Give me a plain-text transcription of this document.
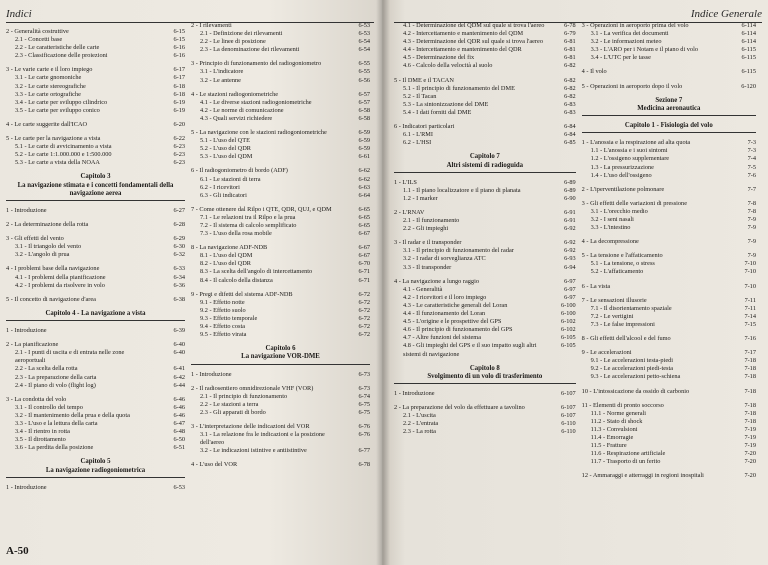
Indici
2 - Generalità costruttive	6-15
2.1 - Concetti base	6-15
2.2 - Le caratteristiche delle carte	6-16
2.3 - Classificazione delle proiezioni	6-16
3 - Le varie carte e il loro impiego	6-17
3.1 - Le carte gnomoniche	6-17
3.2 - Le carte stereografiche	6-18
3.3 - Le carte ortografiche	6-18
3.4 - Le carte per sviluppo cilindrico	6-19
3.5 - Le carte per sviluppo conico	6-19
4 - Le carte suggerite dall'ICAO	6-20
5 - Le carte per la navigazione a vista	6-22
5.1 - Le carte di avvicinamento a vista	6-23
5.2 - Le carte 1:1.000.000 e 1:500.000	6-23
5.3 - Le carte a vista della NOAA	6-23
Capitolo 3
La navigazione stimata e i concetti fondamentali della navigazione aerea
1 - Introduzione	6-27
2 - La determinazione della rotta	6-28
3 - Gli effetti del vento	6-29
3.1 - Il triangolo del vento	6-30
3.2 - L'angolo di prua	6-32
4 - I problemi base della navigazione	6-33
4.1 - I problemi della pianificazione	6-34
4.2 - I problemi da risolvere in volo	6-36
5 - Il concetto di navigazione d'area	6-38
Capitolo 4 - La navigazione a vista
1 - Introduzione	6-39
2 - La pianificazione	6-40
2.1 - I punti di uscita e di entrata nelle zone aeroportuali
6-40
2.2 - La scelta della rotta	6-41
2.3 - La preparazione della carta	6-42
2.4 - Il piano di volo (flight log)	6-44
3 - La condotta del volo	6-46
3.1 - Il controllo del tempo	6-46
3.2 - Il mantenimento della prua e della quota	6-46
3.3 - L'uso e la lettura della carta	6-47
3.4 - Il rientro in rotta	6-48
3.5 - Il dirottamento	6-50
3.6 - La perdita della posizione	6-51
Capitolo 5
La navigazione radiogoniometrica
1 - Introduzione	6-53
2 - I rilevamenti	6-53
2.1 - Definizione dei rilevamenti	6-53
2.2 - Le linee di posizione	6-54
2.3 - La denominazione dei rilevamenti	6-54
3 - Principio di funzionamento del radiogoniometro	6-55
3.1 - L'indicatore	6-55
3.2 - Le antenne	6-56
4 - Le stazioni radiogoniometriche	6-57
4.1 - Le diverse stazioni radiogoniometriche	6-57
4.2 - Le norme di comunicazione	6-58
4.3 - Quali servizi richiedere	6-58
5 - La navigazione con le stazioni radiogoniometriche	6-59
5.1 - L'uso del QTE	6-59
5.2 - L'uso del QDR	6-59
5.3 - L'uso del QDM	6-61
6 - Il radiogoniometro di bordo (ADF)	6-62
6.1 - Le stazioni di terra	6-62
6.2 - I ricevitori	6-63
6.3 - Gli indicatori	6-64
7 - Come ottenere dal Rilpo i QTE, QDR, QUJ, e QDM	6-65
7.1 - Le relazioni tra il Rilpo e la prua	6-65
7.2 - Il sistema di calcolo semplificato	6-65
7.3 - L'uso della rosa mobile	6-67
8 - La navigazione ADF-NDB	6-67
8.1 - L'uso del QDM	6-67
8.2 - L'uso del QDR	6-70
8.3 - La scelta dell'angolo di intercettamento	6-71
8.4 - Il calcolo della distanza	6-71
9 - Pregi e difetti del sistema ADF-NDB	6-72
9.1 - Effetto notte	6-72
9.2 - Effetto suolo	6-72
9.3 - Effetto temporale	6-72
9.4 - Effetto costa	6-72
9.5 - Effetto virata	6-72
Capitolo 6
La navigazione VOR-DME
1 - Introduzione	6-73
2 - Il radiosentiero omnidirezionale VHF (VOR)	6-73
2.1 - Il principio di funzionamento	6-74
2.2 - Le stazioni a terra	6-75
2.3 - Gli apparati di bordo	6-75
3 - L'interpretazione delle indicazioni del VOR	6-76
3.1 - La relazione fra le indicazioni e la posizione dell'aereo
6-76
3.2 - Le indicazioni istintive e antiistintive	6-77
4 - L'uso del VOR	6-78
A-50
Indice Generale
4.1 - Determinazione del QDM sul quale si trova l'aereo	6-78
4.2 - Intercettamento e mantenimento del QDM	6-79
4.3 - Determinazione del QDR sul quale si trova l'aereo	6-81
4.4 - Intercettamento e mantenimento del QDR	6-81
4.5 - Determinazione del fix	6-81
4.6 - Calcolo della velocità al suolo	6-82
5 - Il DME e il TACAN	6-82
5.1 - Il principio di funzionamento del DME	6-82
5.2 - Il Tacan	6-82
5.3 - La sintonizzazione del DME	6-83
5.4 - I dati forniti dal DME	6-83
6 - Indicatori particolari	6-84
6.1 - L'RMI	6-84
6.2 - L'HSI	6-85
Capitolo 7
Altri sistemi di radioguida
1 - L'ILS	6-89
1.1 - Il piano localizzatore e il piano di planata	6-89
1.2 - I marker	6-90
2 - L'RNAV	6-91
2.1 - Il funzionamento	6-91
2.2 - Gli impieghi	6-92
3 - Il radar e il transponder	6-92
3.1 - Il principio di funzionamento del radar	6-92
3.2 - I radar di sorveglianza ATC	6-93
3.3 - Il transponder	6-94
4 - La navigazione a lungo raggio	6-97
4.1 - Generalità	6-97
4.2 - I ricevitori e il loro impiego	6-97
4.3 - Le caratteristiche generali del Loran	6-100
4.4 - Il funzionamento del Loran	6-100
4.5 - L'origine e le prospettive del GPS	6-102
4.6 - Il principio di funzionamento del GPS	6-102
4.7 - Altre funzioni del sistema	6-105
4.8 - Gli impieghi del GPS e il suo impatto sugli altri sistemi di navigazione
6-105
Capitolo 8
Svolgimento di un volo di trasferimento
1 - Introduzione	6-107
2 - La preparazione del volo da effettuare a tavolino	6-107
2.1 - L'uscita	6-107
2.2 - L'entrata	6-110
2.3 - La rotta	6-110
3 - Operazioni in aeroporto prima del volo	6-114
3.1 - La verifica dei documenti	6-114
3.2 - Le informazioni meteo	6-114
3.3 - L'ARO per i Notam e il piano di volo	6-115
3.4 - L'UTC per le tasse	6-115
4 - Il volo	6-115
5 - Operazioni in aeroporto dopo il volo	6-120
Sezione 7
Medicina aeronautica
Capitolo 1 - Fisiologia del volo
1 - L'anossia e la respirazione ad alta quota	7-3
1.1 - L'anossia e i suoi sintomi	7-3
1.2 - L'ossigeno supplementare	7-4
1.3 - La pressurizzazione	7-5
1.4 - L'uso dell'ossigeno	7-6
2 - L'iperventilazione polmonare	7-7
3 - Gli effetti delle variazioni di pressione	7-8
3.1 - L'orecchio medio	7-8
3.2 - I seni nasali	7-9
3.3 - L'intestino	7-9
4 - La decompressione	7-9
5 - La tensione e l'affaticamento	7-9
5.1 - La tensione, o stress	7-10
5.2 - L'affaticamento	7-10
6 - La vista	7-10
7 - Le sensazioni illusorie	7-11
7.1 - Il disorientamento spaziale	7-11
7.2 - Le vertigini	7-14
7.3 - Le false impressioni	7-15
8 - Gli effetti dell'alcool e del fumo	7-16
9 - Le accelerazioni	7-17
9.1 - Le accelerazioni testa-piedi	7-18
9.2 - Le accelerazioni piedi-testa	7-18
9.3 - Le accelerazioni petto-schiena	7-18
10 - L'intossicazione da ossido di carbonio	7-18
11 - Elementi di pronto soccorso	7-18
11.1 - Norme generali	7-18
11.2 - Stato di shock	7-18
11.3 - Convulsioni	7-19
11.4 - Emorragie	7-19
11.5 - Fratture	7-19
11.6 - Respirazione artificiale	7-20
11.7 - Trasporto di un ferito	7-20
12 - Ammaraggi e atterraggi in regioni inospitali	7-20
